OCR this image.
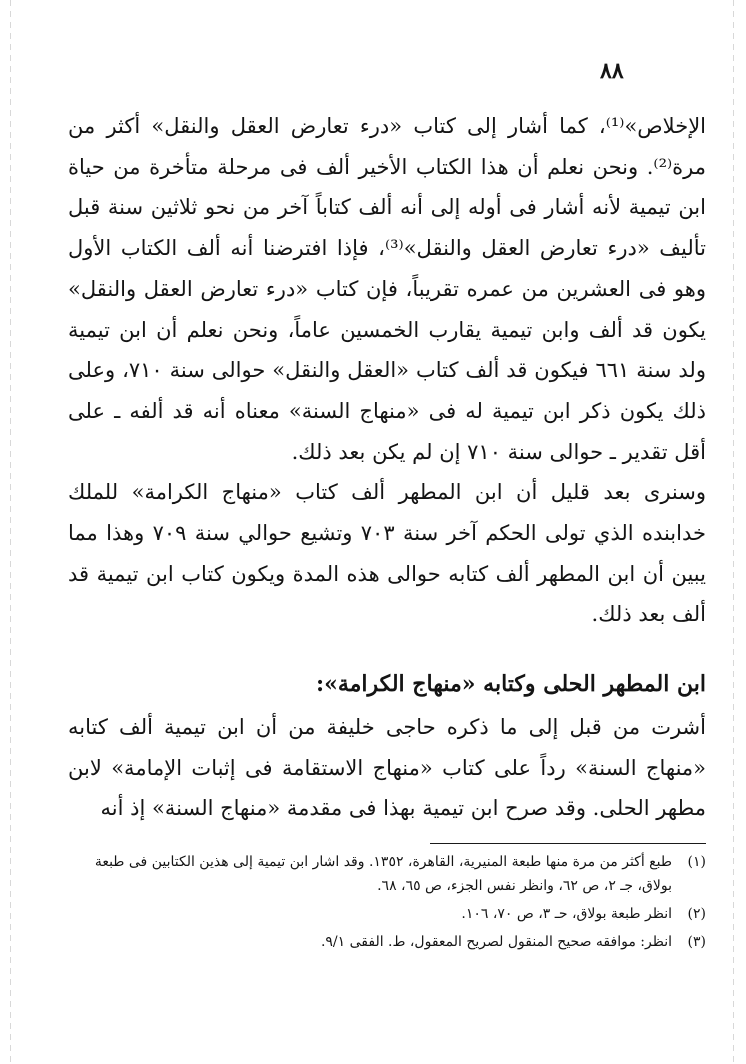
٨٨

الإخلاص»⁽¹⁾، كما أشار إلى كتاب «درء تعارض العقل والنقل» أكثر من مرة⁽²⁾. ونحن نعلم أن هذا الكتاب الأخير ألف فى مرحلة متأخرة من حياة ابن تيمية لأنه أشار فى أوله إلى أنه ألف كتاباً آخر من نحو ثلاثين سنة قبل تأليف «درء تعارض العقل والنقل»⁽³⁾، فإذا افترضنا أنه ألف الكتاب الأول وهو فى العشرين من عمره تقريباً، فإن كتاب «درء تعارض العقل والنقل» يكون قد ألف وابن تيمية يقارب الخمسين عاماً، ونحن نعلم أن ابن تيمية ولد سنة ٦٦١ فيكون قد ألف كتاب «العقل والنقل» حوالى سنة ٧١٠، وعلى ذلك يكون ذكر ابن تيمية له فى «منهاج السنة» معناه أنه قد ألفه ـ على أقل تقدير ـ حوالى سنة ٧١٠ إن لم يكن بعد ذلك.

وسنرى بعد قليل أن ابن المطهر ألف كتاب «منهاج الكرامة» للملك خدابنده الذي تولى الحكم آخر سنة ٧٠٣ وتشيع حوالي سنة ٧٠٩ وهذا مما يبين أن ابن المطهر ألف كتابه حوالى هذه المدة ويكون كتاب ابن تيمية قد ألف بعد ذلك.

ابن المطهر الحلى وكتابه «منهاج الكرامة»:

أشرت من قبل إلى ما ذكره حاجى خليفة من أن ابن تيمية ألف كتابه «منهاج السنة» رداً على كتاب «منهاج الاستقامة فى إثبات الإمامة» لابن مطهر الحلى. وقد صرح ابن تيمية بهذا فى مقدمة «منهاج السنة» إذ أنه

(١)
طبع أكثر من مرة منها طبعة المنيرية، القاهرة، ١٣٥٢. وقد اشار ابن تيمية إلى هذين الكتابين فى طبعة بولاق، جـ ٢، ص ٦٢، وانظر نفس الجزء، ص ٦٥، ٦٨.
(٢)
انظر طبعة بولاق، حـ ٣، ص ٧٠، ١٠٦.
(٣)
انظر: موافقه صحيح المنقول لصريح المعقول، ط. الفقى ٩/١.
